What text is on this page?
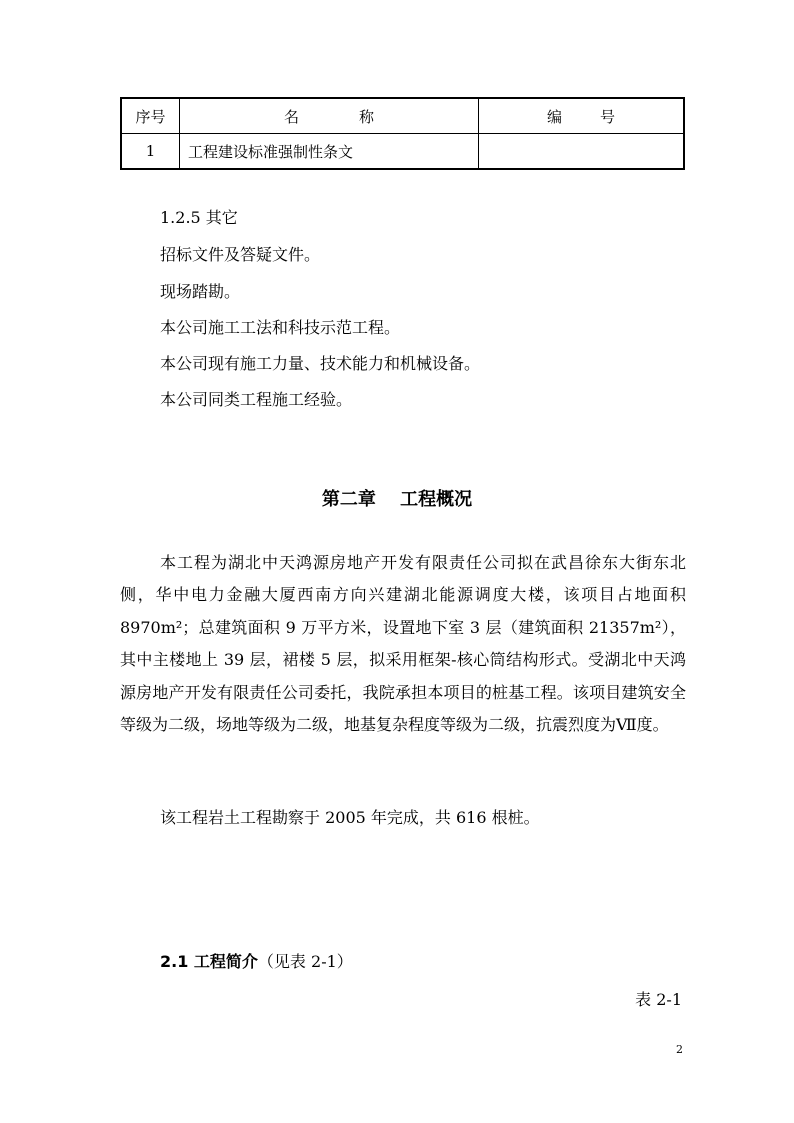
序号	名称	编号
1	工程建设标准强制性条文	
1.2.5 其它
招标文件及答疑文件。
现场踏勘。
本公司施工工法和科技示范工程。
本公司现有施工力量、技术能力和机械设备。
本公司同类工程施工经验。
第二章　 工程概况

本工程为湖北中天鸿源房地产开发有限责任公司拟在武昌徐东大街东北侧，华中电力金融大厦西南方向兴建湖北能源调度大楼，该项目占地面积 8970m²；总建筑面积 9 万平方米，设置地下室 3 层（建筑面积 21357m²），其中主楼地上 39 层，裙楼 5 层，拟采用框架-核心筒结构形式。受湖北中天鸿源房地产开发有限责任公司委托，我院承担本项目的桩基工程。该项目建筑安全等级为二级，场地等级为二级，地基复杂程度等级为二级，抗震烈度为Ⅶ度。

该工程岩土工程勘察于 2005 年完成，共 616 根桩。
2.1 工程简介（见表 2-1）
表 2-1
2
